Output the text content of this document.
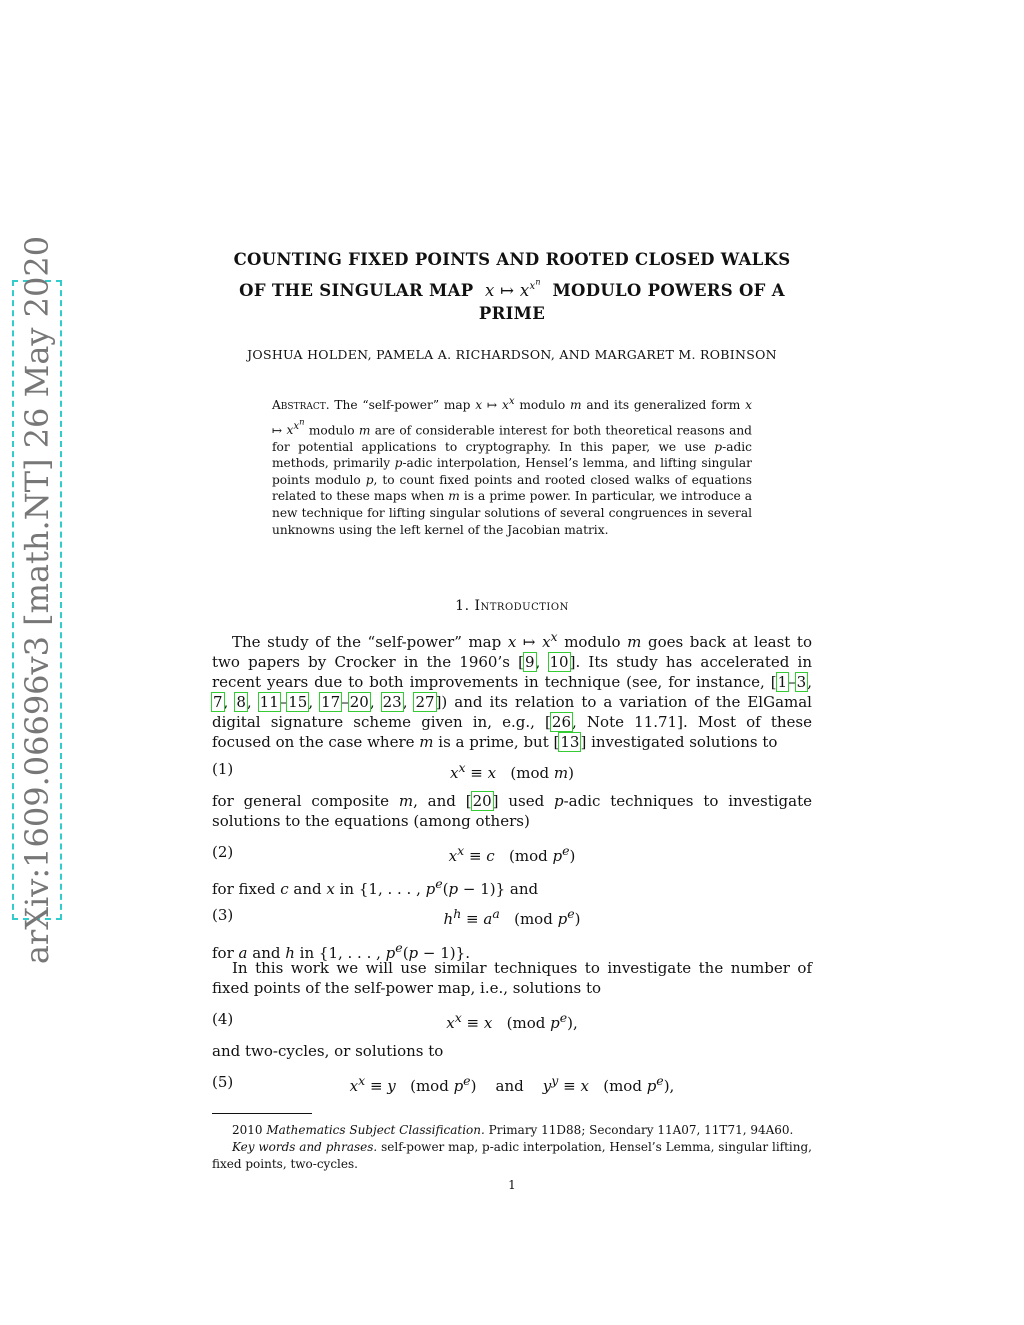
arXiv:1609.06696v3 [math.NT] 26 May 2020	COUNTING FIXED POINTS AND ROOTED CLOSED WALKS
OF THE SINGULAR MAP  x ↦ $x^{x^n}$ MODULO POWERS OF A
PRIME
JOSHUA HOLDEN, PAMELA A. RICHARDSON, AND MARGARET M. ROBINSON
Abstract. The “self-power” map x ↦ $x^x$ modulo m and its generalized form x ↦ $x^{x^n}$ modulo m are of considerable interest for both theoretical reasons and for potential applications to cryptography. In this paper, we use p-adic methods, primarily p-adic interpolation, Hensel’s lemma, and lifting singular points modulo p, to count fixed points and rooted closed walks of equations related to these maps when m is a prime power. In particular, we introduce a new technique for lifting singular solutions of several congruences in several unknowns using the left kernel of the Jacobian matrix.
1. Introduction
The study of the “self-power” map x ↦ $x^x$ modulo m goes back at least to two papers by Crocker in the 1960’s [9, 10]. Its study has accelerated in recent years due to both improvements in technique (see, for instance, [1–3, 7, 8, 11–15, 17–20, 23, 27]) and its relation to a variation of the ElGamal digital signature scheme given in, e.g., [26, Note 11.71]. Most of these focused on the case where m is a prime, but [13] investigated solutions to
(1)	$x^x \equiv x$   (mod m)
for general composite m, and [20] used p-adic techniques to investigate solutions to the equations (among others)
(2)	$x^x \equiv c$   (mod $p^e$)
for fixed c and x in {1, . . . , $p^e(p - 1)$} and
(3)	$h^h \equiv a^a$   (mod $p^e$)
for a and h in {1, . . . , $p^e(p - 1)$}.
In this work we will use similar techniques to investigate the number of fixed points of the self-power map, i.e., solutions to
(4)	$x^x \equiv x$   (mod $p^e$),
and two-cycles, or solutions to
(5)	$x^x \equiv y$   (mod $p^e$)    and    $y^y \equiv x$   (mod $p^e$),
2010 Mathematics Subject Classification. Primary 11D88; Secondary 11A07, 11T71, 94A60.
Key words and phrases. self-power map, p-adic interpolation, Hensel’s Lemma, singular lifting, fixed points, two-cycles.
1
